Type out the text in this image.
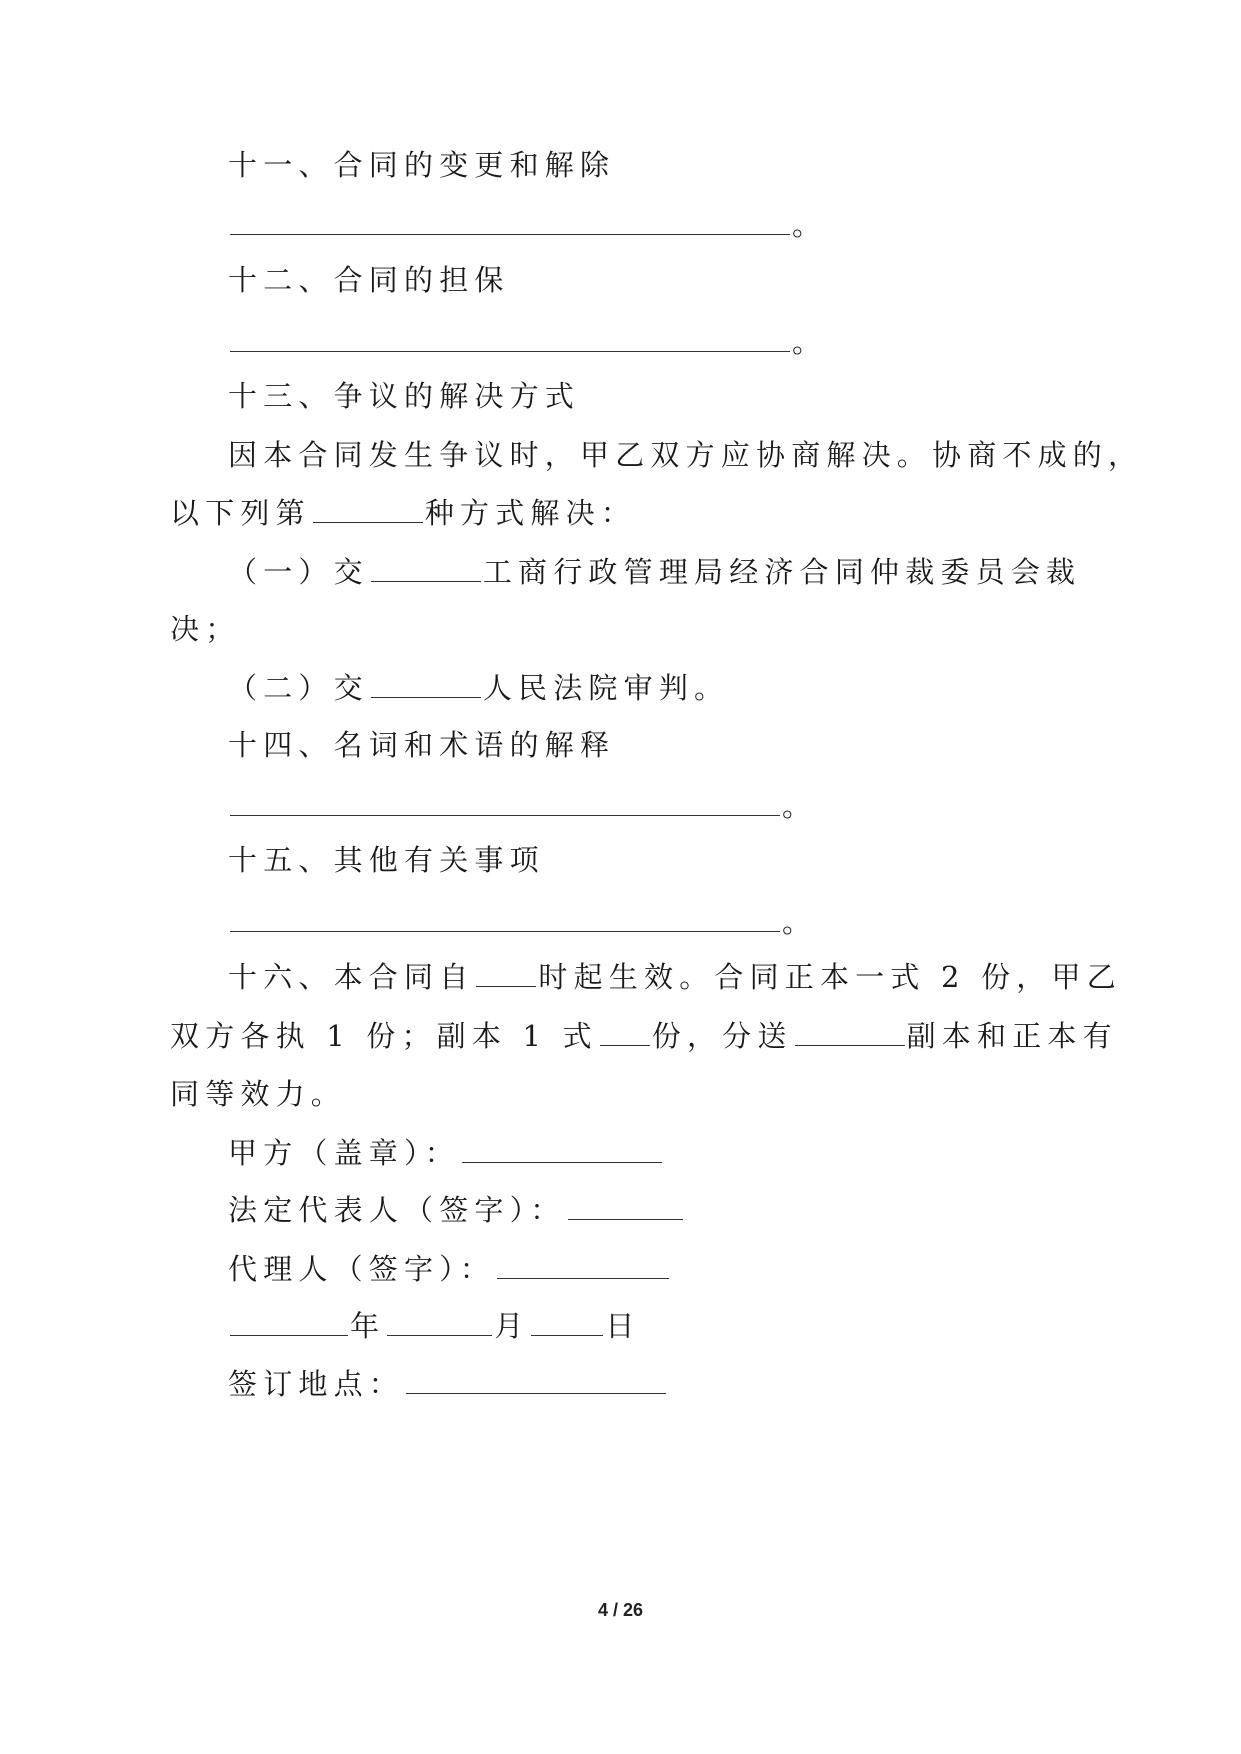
十一、合同的变更和解除
。
十二、合同的担保
。
十三、争议的解决方式
因本合同发生争议时，甲乙双方应协商解决。协商不成的，
以下列第	种方式解决：
（一）交	工商行政管理局经济合同仲裁委员会裁
决；
（二）交	人民法院审判。
十四、名词和术语的解释
。
十五、其他有关事项
。
十六、本合同自 时起生效。合同正本一式 2 份，甲乙
双方各执 1 份；副本 1 式 份，分送	副本和正本有
同等效力。
甲方（盖章）：
法定代表人（签字）：
代理人（签字）：
年	月	日
签订地点：
4 / 26
